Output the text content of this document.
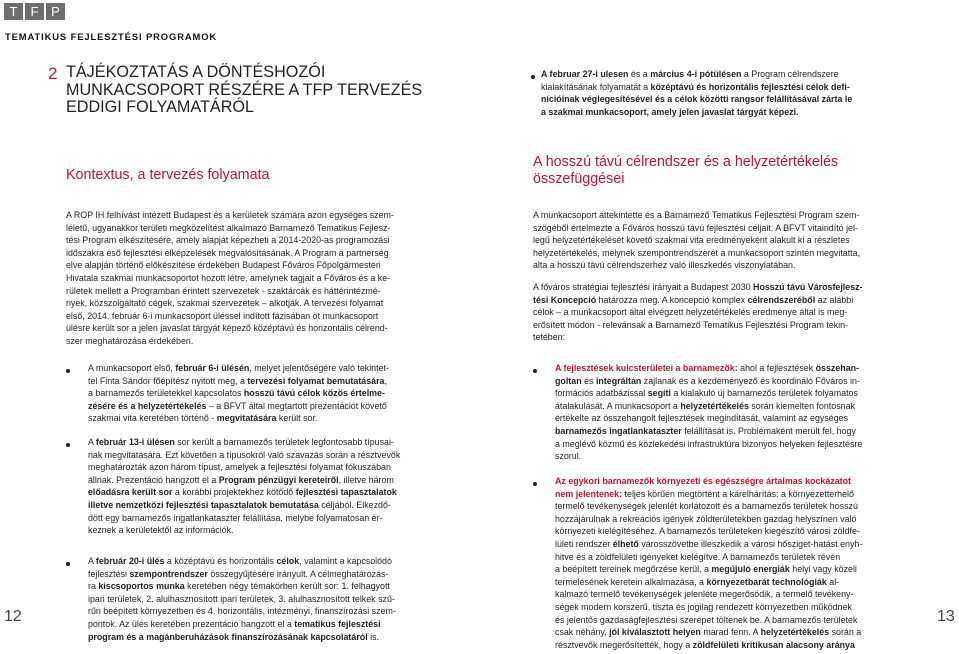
T	F P
TEMATIKUS FEJLESZTÉSI PROGRAMOK
2 TÁJÉKOZTATÁS A DÖNTÉSHOZÓI
MUNKACSOPORT RÉSZÉRE A TFP TERVEZÉS
EDDIGI FOLYAMATÁRÓL
A februar 27-i ulesen és a március 4-i pótülésen a Program célrendszere
kialakításának folyamatát a középtávú és horizontális fejlesztési célok defi-
nícióinak véglegesítésével és a célok közötti rangsor felállításával zárta le
a szakmai munkacsoport, amely jelen javaslat tárgyát képezi.
Kontextus, a tervezés folyamata
A hosszú távú célrendszer és a helyzetértékelés
összefüggései
A ROP IH felhívást intézett Budapest és a kerületek számára azon egységes szem-
léletű, ugyanakkor területi megközelítést alkalmazó Barnamező Tematikus Fejlesz-
tési Program elkészítésére, amely alapját képezheti a 2014-2020-as programozási
időszakra eső fejlesztési elképzelések megvalósításának. A Program a partnerség
elve alapján történő előkészítése érdekében Budapest Főváros Főpolgármesteri
Hivatala szakmai munkacsoportot hozott létre, amelynek tagjait a Főváros és a ke-
rületek mellett a Programban érintett szervezetek - szaktárcák és háttérintézmé-
nyek, közszolgáltató cégek, szakmai szervezetek – alkotják. A tervezési folyamat
első, 2014. február 6-i munkacsoport üléssel indított fázisában öt munkacsoport
ülésre került sor a jelen javaslat tárgyát képező középtávú és horizontális célrend-
szer meghatározása érdekében.
A munkacsoport első, február 6-i ülésén, melyet jelentőségére való tekintet-
tel Finta Sándor főépítész nyitott meg, a tervezési folyamat bemutatására,
a barnamezős területekkel kapcsolatos hosszú távú célok közös értelme-
zésére és a helyzetértékelés – a BFVT által megtartott prezentációt követő
szakmai vita keretében történő - megvitatására került sor.
A február 13-i ülésen sor került a barnamezős területek legfontosabb típusai-
nak megvitatására. Ezt követően a típusokról való szavazás során a résztvevők
meghatározták azon három típust, amelyek a fejlesztési folyamat fókuszában
állnak. Prezentáció hangzott el a Program pénzügyi kereteiről, illetve három
előadásra került sor a korábbi projektekhez kötődő fejlesztési tapasztalatok
illetve nemzetközi fejlesztési tapasztalatok bemutatása céljából. Elkezdő-
dött egy barnamezős ingatlankataszter felállítása, melybe folyamatosan ér-
keznek a kerületektől az információk.
A február 20-i ülés a középtávú és horizontális célok, valamint a kapcsolódó
fejlesztési szempontrendszer összegyűjtésére irányult. A célmeghatározás-
ra kiscsoportos munka keretében négy témakörben került sor: 1. felhagyott
ipari területek, 2. alulhasznosított ipari területek, 3. alulhasznosított telkek szű-
rűn beépített környezetben és 4. horizontális, intézményi, finanszírozási szem-
pontok. Az ülés keretében prezentáció hangzott el a tematikus fejlesztési
program és a magánberuházások finanszírozásának kapcsolatáról is.
A munkacsoport áttekintette és a Barnamező Tematikus Fejlesztési Program szem-
szögéből értelmezte a Főváros hosszú távú fejlesztési céljait. A BFVT vitaindító jel-
legű helyzetértékelését követő szakmai vita eredményeként alakult ki a részletes
helyzetértékelés, melynek szempontrendszerét a munkacsoport szintén megvitatta,
alta a hosszú távú célrendszerhez való illeszkedés viszonylatában.
A főváros stratégiai fejlesztési irányait a Budapest 2030 Hosszú távú Városfejlesz-
tési Koncepció határozza meg. A koncepció komplex célrendszeréből az alábbi
célok – a munkacsoport által elvégzett helyzetértékelés eredménye által is meg-
erősített módon - relevánsak a Barnamező Tematikus Fejlesztési Program tekin-
tetében:
A fejlesztések kulcsterületei a barnamezők: ahol a fejlesztések összehan-
goltan és integráltan zajlanak és a kezdeményező és koordináló Főváros in-
formációs adatbázissal segíti a kialakuló új barnamezős területek folyamatos
átalakulását. A munkacsoport a helyzetértékelés során kiemelten fontosnak
értékelte az összehangolt fejlesztések megindítását, valamint az egységes
barnamezős ingatlankataszter felállítását is. Problémaként merült fel, hogy
a meglévő közmű és közlekedési infrastruktúra bizonyos helyeken fejlesztésre
szorul.
Az egykori barnamezők környezeti és egészségre ártalmas kockázatot
nem jelentenek: teljes körűen megtörtént a kárelhárítás; a környezetterhelő
termelő tevékenységek jelenlét korlátozott és a barnamezős területek hosszú
hozzájárulnak a rekreációs igények zöldterületekben gazdag helyszínen való
környezeti kielégítéséhez. A barnamezős területeken kiegészítő városi zöldfe-
lületi rendszer élhető városszövetbe illeszkedik a városi hősziget-hatást enyh-
hitve és a zöldfelületi igényeket kielégítve. A barnamezős területek révén
a beépített tereinek megőrzése kerül, a megújuló energiák helyi vagy közeli
termelésének keretein alkalmazása, a környezetbarát technológiák al-
kalmazó termelő tevékenységek jelenléte megerősödik, a termelő tevékeny-
ségek modern korszerű, tiszta és jogilag rendezett környezetben működnek
és jelentős gazdaságfejlesztési szerepet töltenek be. A barnamezős területek
csak néhány, jól kiválasztott helyen marad fenn. A helyzetértékelés során a
résztvevők megerősítették, hogy a zöldfelületi kritikusan alacsony aránya
12	13
